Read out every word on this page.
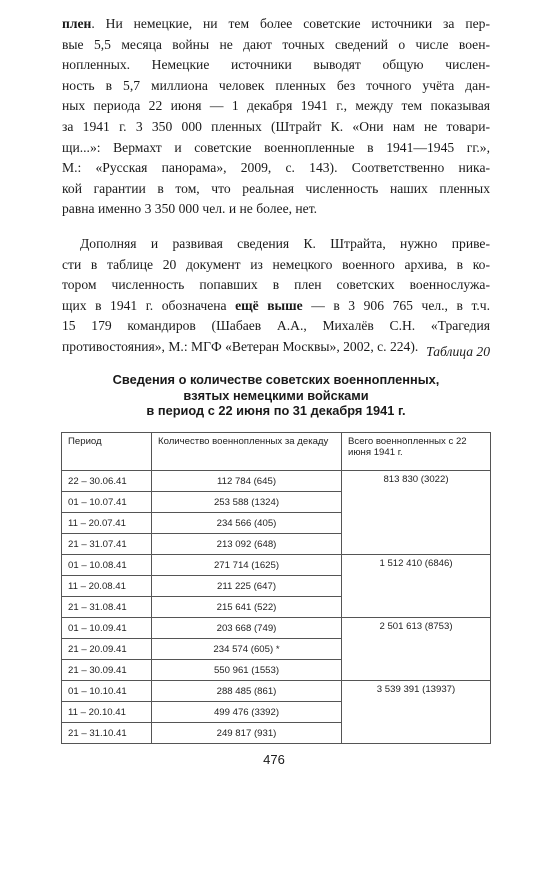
плен. Ни немецкие, ни тем более советские источники за пер-
вые 5,5 месяца войны не дают точных сведений о числе воен-
нопленных. Немецкие источники выводят общую числен-
ность в 5,7 миллиона человек пленных без точного учёта дан-
ных периода 22 июня — 1 декабря 1941 г., между тем показывая
за 1941 г. 3 350 000 пленных (Штрайт К. «Они нам не товари-
щи...»: Вермахт и советские военнопленные в 1941—1945 гг.»,
М.: «Русская панорама», 2009, с. 143). Соответственно ника-
кой гарантии в том, что реальная численность наших пленных
равна именно 3 350 000 чел. и не более, нет.
Дополняя и развивая сведения К. Штрайта, нужно приве-
сти в таблице 20 документ из немецкого военного архива, в ко-
тором численность попавших в плен советских военнослужа-
щих в 1941 г. обозначена ещё выше — в 3 906 765 чел., в т.ч.
15 179 командиров (Шабаев А.А., Михалёв С.Н. «Трагедия
противостояния», М.: МГФ «Ветеран Москвы», 2002, с. 224). Таблица 20
Сведения о количестве советских военнопленных,
взятых немецкими войсками
в период с 22 июня по 31 декабря 1941 г.
Период	Количество военнопленных за декаду	Всего военнопленных с 22 июня 1941 г.
22 – 30.06.41	112 784 (645)	813 830 (3022)
01 – 10.07.41	253 588 (1324)	
11 – 20.07.41	234 566 (405)	
21 – 31.07.41	213 092 (648)	
01 – 10.08.41	271 714 (1625)	1 512 410 (6846)
11 – 20.08.41	211 225 (647)	
21 – 31.08.41	215 641 (522)	
01 – 10.09.41	203 668 (749)	2 501 613 (8753)
21 – 20.09.41	234 574 (605) *	
21 – 30.09.41	550 961 (1553)	
01 – 10.10.41	288 485 (861)	3 539 391 (13937)
11 – 20.10.41	499 476 (3392)	
21 – 31.10.41	249 817 (931)	
476
